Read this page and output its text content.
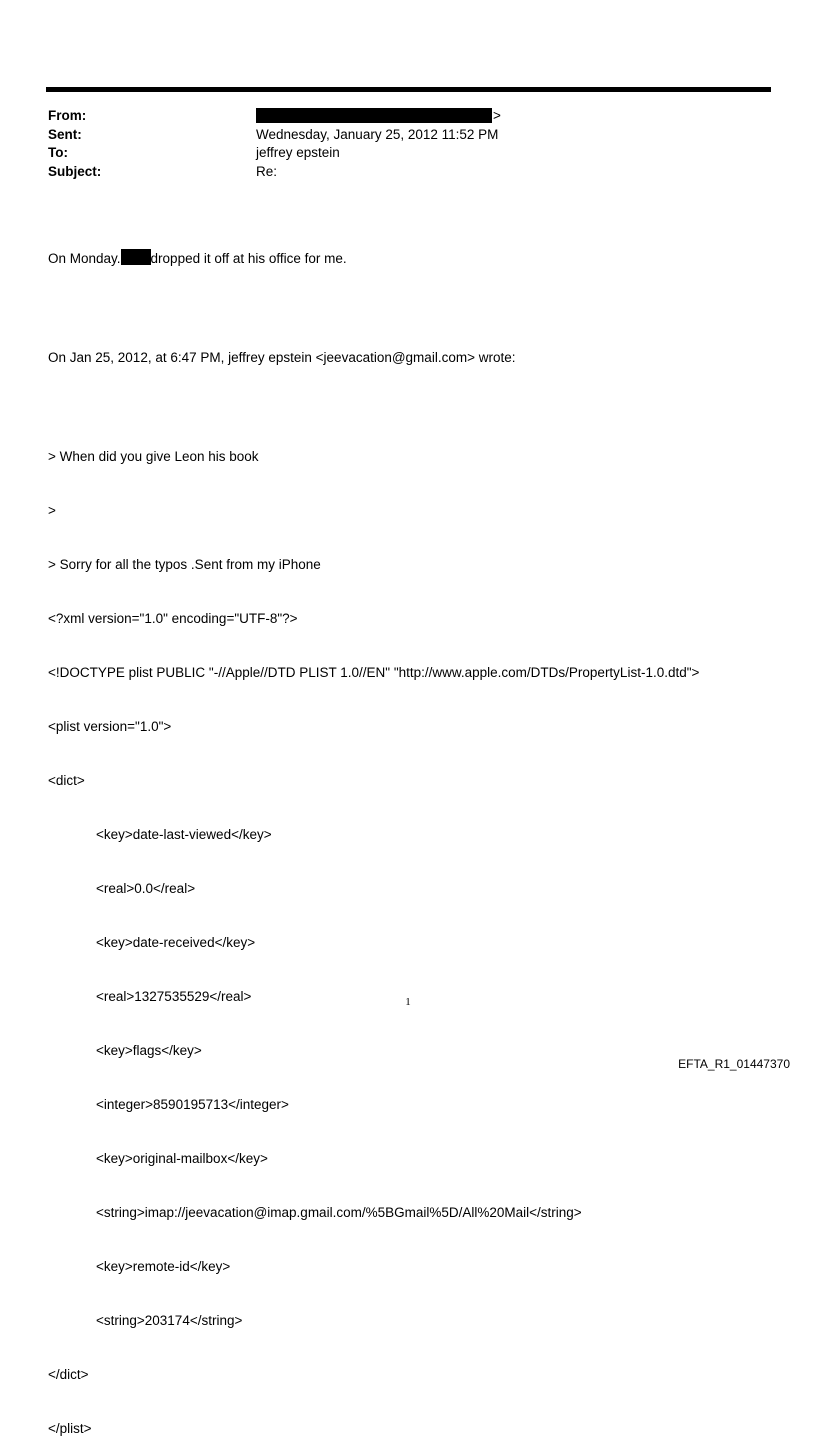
From:	>
Sent:	Wednesday, January 25, 2012 11:52 PM
To:	jeffrey epstein
Subject:	Re:

On Monday. dropped it off at his office for me.

On Jan 25, 2012, at 6:47 PM, jeffrey epstein <jeevacation@gmail.com> wrote:

> When did you give Leon his book

>

> Sorry for all the typos .Sent from my iPhone

<?xml version="1.0" encoding="UTF-8"?>

<!DOCTYPE plist PUBLIC "-//Apple//DTD PLIST 1.0//EN" "http://www.apple.com/DTDs/PropertyList-1.0.dtd">

<plist version="1.0">

<dict>

<key>date-last-viewed</key>

<real>0.0</real>

<key>date-received</key>

<real>1327535529</real>

<key>flags</key>

<integer>8590195713</integer>

<key>original-mailbox</key>

<string>imap://jeevacation@imap.gmail.com/%5BGmail%5D/All%20Mail</string>

<key>remote-id</key>

<string>203174</string>

</dict>

</plist>

1
EFTA_R1_01447370
